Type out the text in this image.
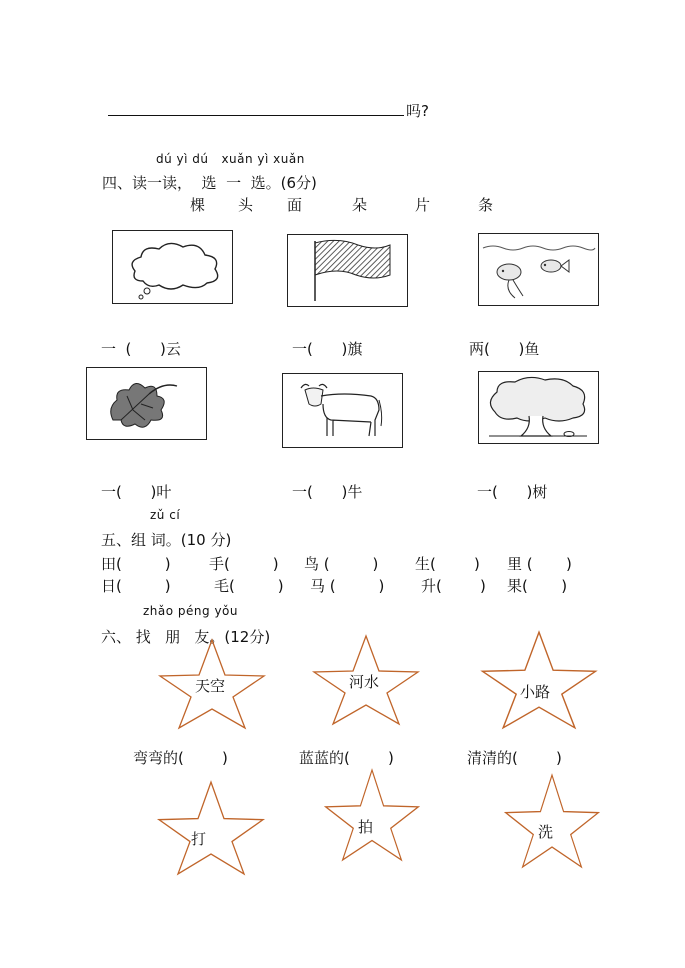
吗?
dú yì dú   xuǎn yì xuǎn
四、读一读，  选  一  选。(6分)
棵 头 面	朵	片	条
一  (      )云	一(      )旗	两(      )鱼
一(      )叶	一(      )牛	一(      )树
zǔ cí
五、组 词。(10 分)
田(         )	手(         ) 鸟 (         ) 生(        ) 里 (       )
日(         )	毛(         ) 马 (         ) 升(        ) 果(       )
zhǎo péng yǒu
六、 找   朋   友。(12分)
天空	河水
小路
弯弯的(        )	蓝蓝的(        )	清清的(        )
打
拍	洗
